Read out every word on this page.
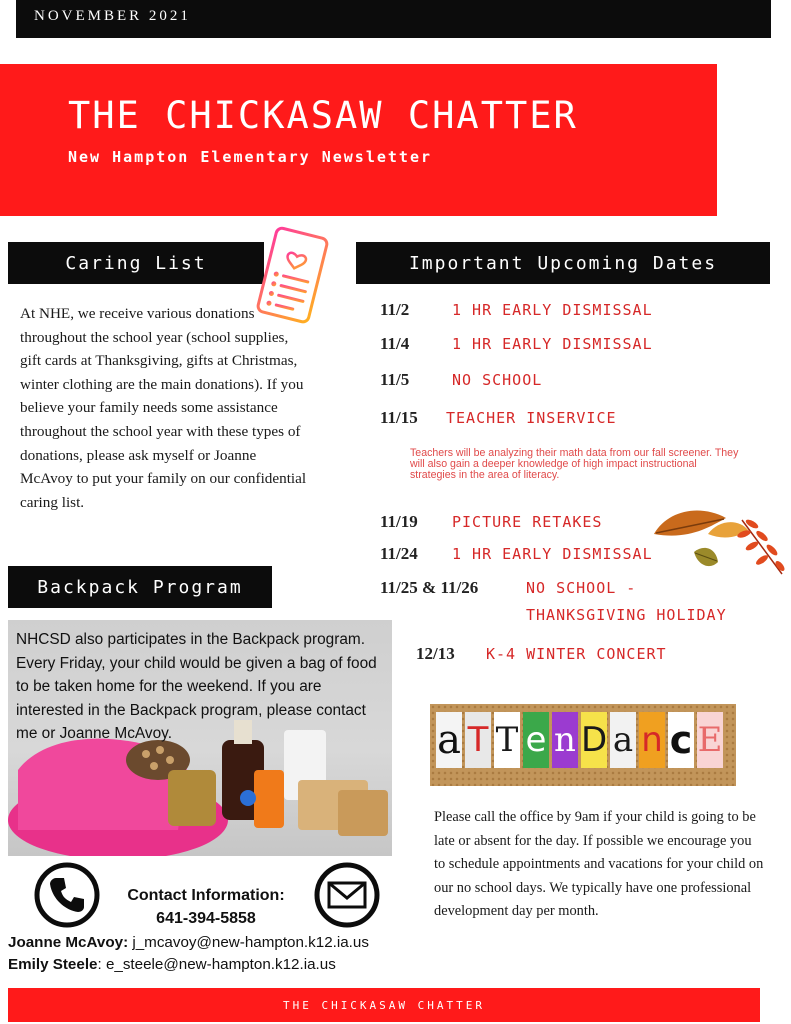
NOVEMBER 2021
THE CHICKASAW CHATTER
New Hampton Elementary Newsletter
Caring List
At NHE, we receive various donations throughout the school year (school supplies, gift cards at Thanksgiving, gifts at Christmas, winter clothing are the main donations). If you believe your family needs some assistance throughout the school year with these types of donations, please ask myself or Joanne McAvoy to put your family on our confidential caring list.
Important Upcoming Dates
11/2	1 HR EARLY DISMISSAL
11/4	1 HR EARLY DISMISSAL
11/5	NO SCHOOL
11/15	TEACHER INSERVICE
Teachers will be analyzing their math data from our fall screener. They will also gain a deeper knowledge of high impact instructional strategies in the area of literacy.
11/19	PICTURE RETAKES
11/24	1 HR EARLY DISMISSAL
11/25 & 11/26	NO SCHOOL -
THANKSGIVING HOLIDAY
12/13	K-4 WINTER CONCERT
Backpack Program
NHCSD also participates in the Backpack program. Every Friday, your child would be given a bag of food to be taken home for the weekend. If you are interested in the Backpack program, please contact me or Joanne McAvoy.
Contact Information:
641-394-5858
Joanne McAvoy: j_mcavoy@new-hampton.k12.ia.us
Emily Steele: e_steele@new-hampton.k12.ia.us
a T T e n D a n c E
Please call the office by 9am if your child is going to be late or absent for the day. If possible we encourage you to schedule appointments and vacations for your child on our no school days. We typically have one professional development day per month.
THE CHICKASAW CHATTER
